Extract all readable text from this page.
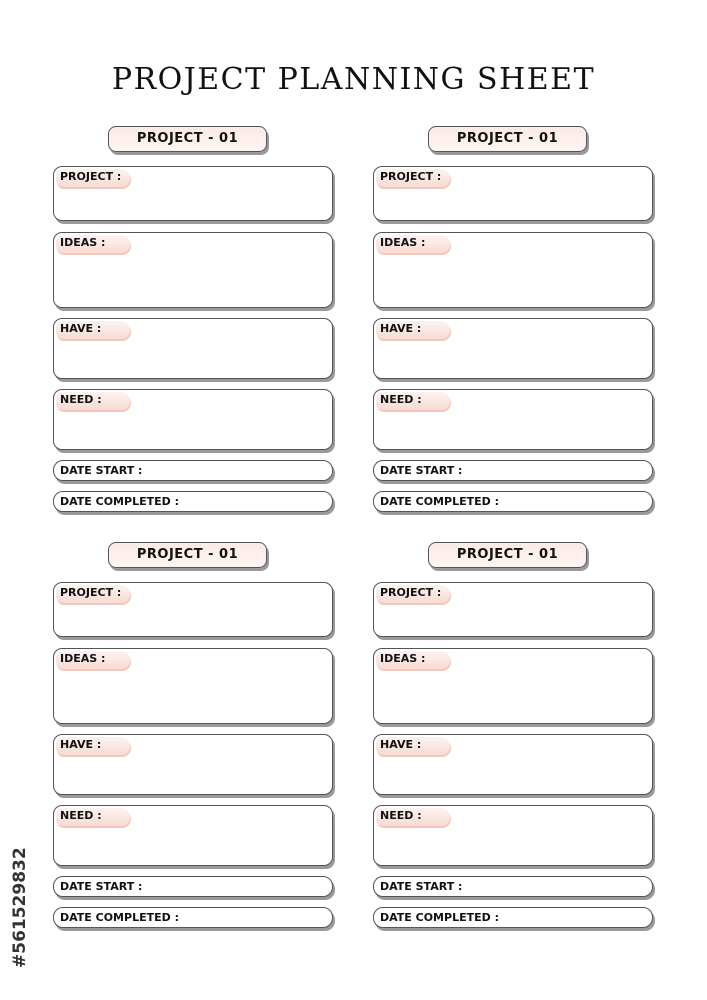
PROJECT PLANNING SHEET
PROJECT - 01
PROJECT :
IDEAS :
HAVE :
NEED :
DATE START :
DATE COMPLETED :
PROJECT - 01
PROJECT :
IDEAS :
HAVE :
NEED :
DATE START :
DATE COMPLETED :
PROJECT - 01
PROJECT :
IDEAS :
HAVE :
NEED :
DATE START :
DATE COMPLETED :
PROJECT - 01
PROJECT :
IDEAS :
HAVE :
NEED :
DATE START :
DATE COMPLETED :
#561529832
